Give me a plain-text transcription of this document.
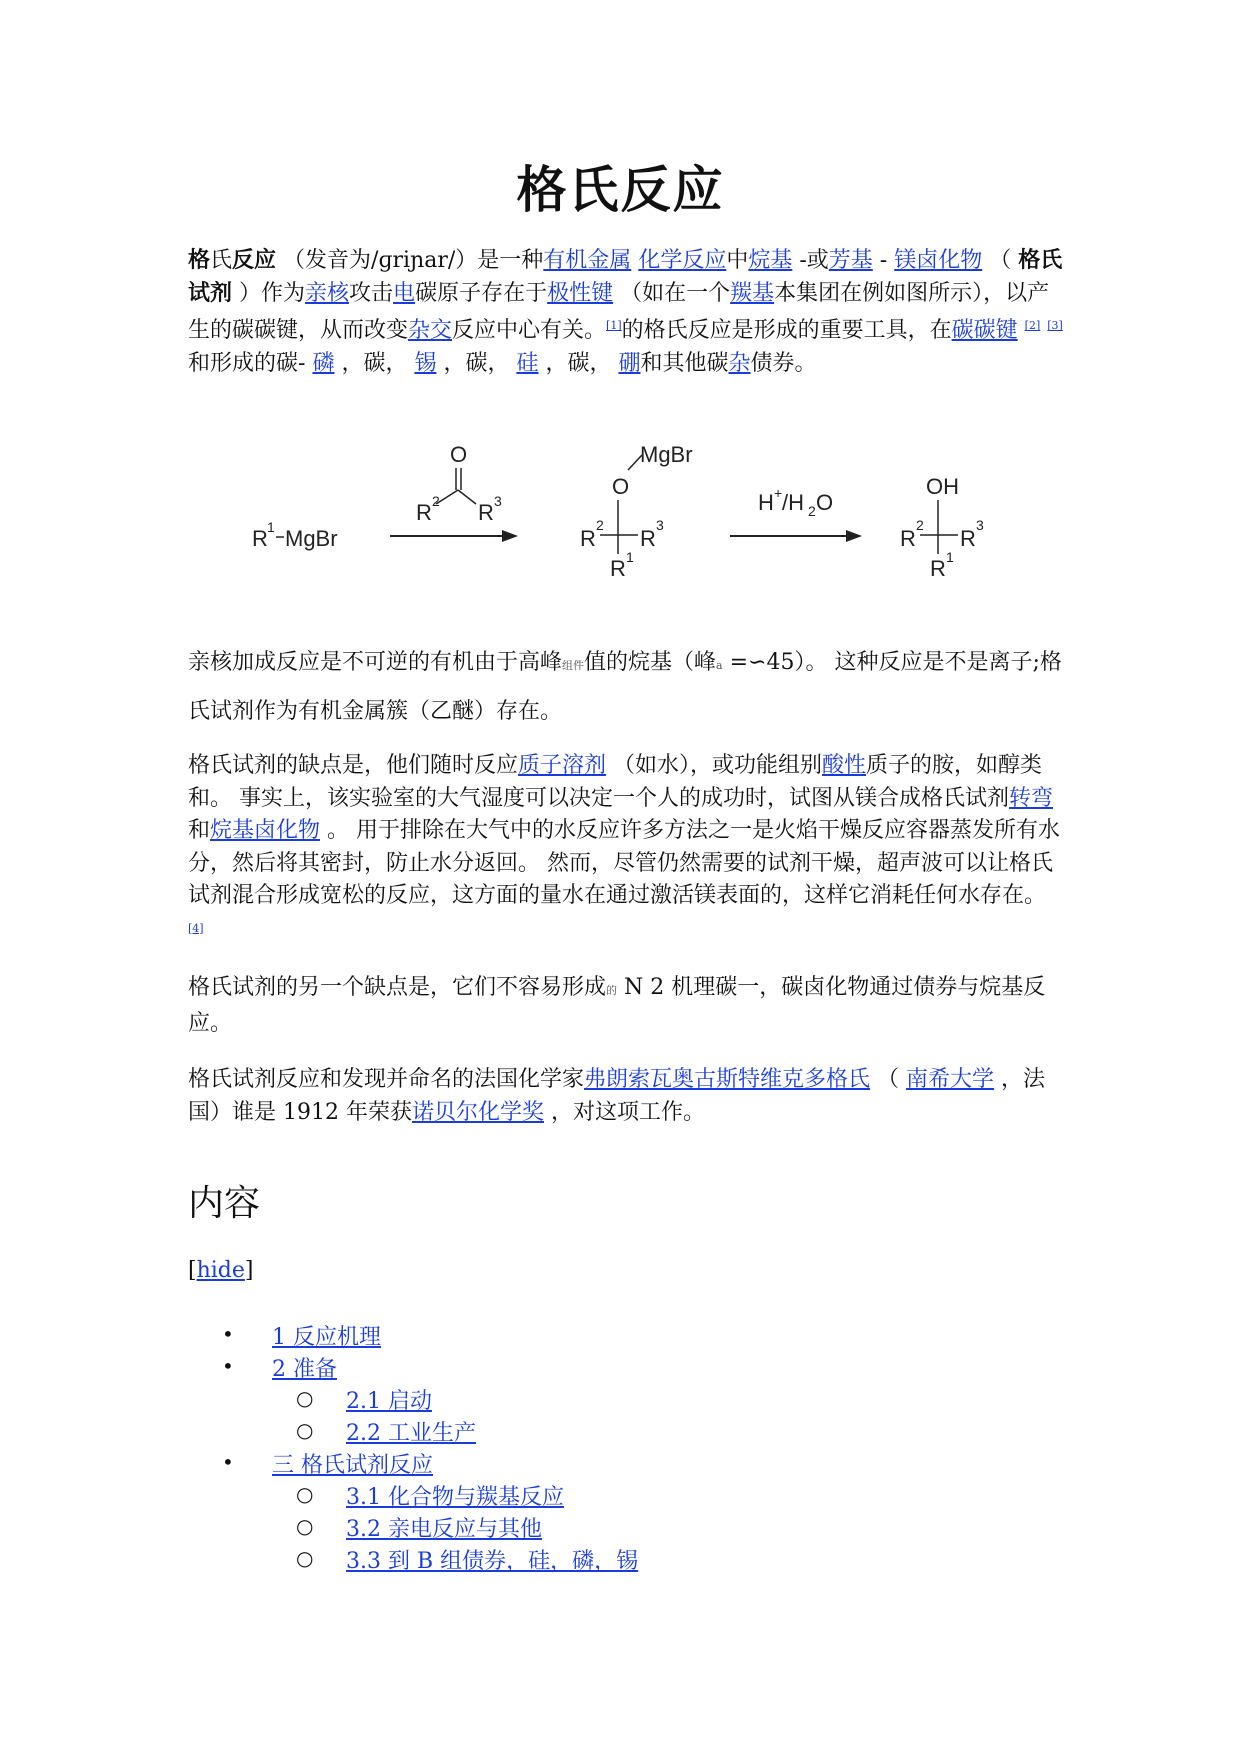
格氏反应
格氏反应 （发音为/ɡriɲar/）是一种有机金属 化学反应中烷基 -或芳基 - 镁卤化物 （ 格氏试剂 ）作为亲核攻击电碳原子存在于极性键 （如在一个羰基本集团在例如图所示），以产生的碳碳键，从而改变杂交反应中心有关。[1]的格氏反应是形成的重要工具，在碳碳键 [2] [3]和形成的碳- 磷 ，碳， 锡 ，碳， 硅 ，碳， 硼和其他碳杂债券。
R 1 MgBr
O
R 2 R 3
MgBr
O
R
2
R
3
R 1
H + /H 2 O
OH
R
2
R
3
R 1
亲核加成反应是不可逆的有机由于高峰组件值的烷基（峰a =∽45）。 这种反应是不是离子;格氏试剂作为有机金属簇（乙醚）存在。
格氏试剂的缺点是，他们随时反应质子溶剂 （如水），或功能组别酸性质子的胺，如醇类和。 事实上，该实验室的大气湿度可以决定一个人的成功时，试图从镁合成格氏试剂转弯和烷基卤化物 。 用于排除在大气中的水反应许多方法之一是火焰干燥反应容器蒸发所有水分，然后将其密封，防止水分返回。 然而，尽管仍然需要的试剂干燥，超声波可以让格氏试剂混合形成宽松的反应，这方面的量水在通过激活镁表面的，这样它消耗任何水存在。 [4]
格氏试剂的另一个缺点是，它们不容易形成的 N 2 机理碳一，碳卤化物通过债券与烷基反应。
格氏试剂反应和发现并命名的法国化学家弗朗索瓦奥古斯特维克多格氏 （ 南希大学 ，法国）谁是 1912 年荣获诺贝尔化学奖 ，对这项工作。
内容
[hide]
• 1 反应机理
• 2 准备
○ 2.1 启动
○ 2.2 工业生产
• 三 格氏试剂反应
○ 3.1 化合物与羰基反应
○ 3.2 亲电反应与其他
○ 3.3 到 B 组债券，硅，磷，锡
